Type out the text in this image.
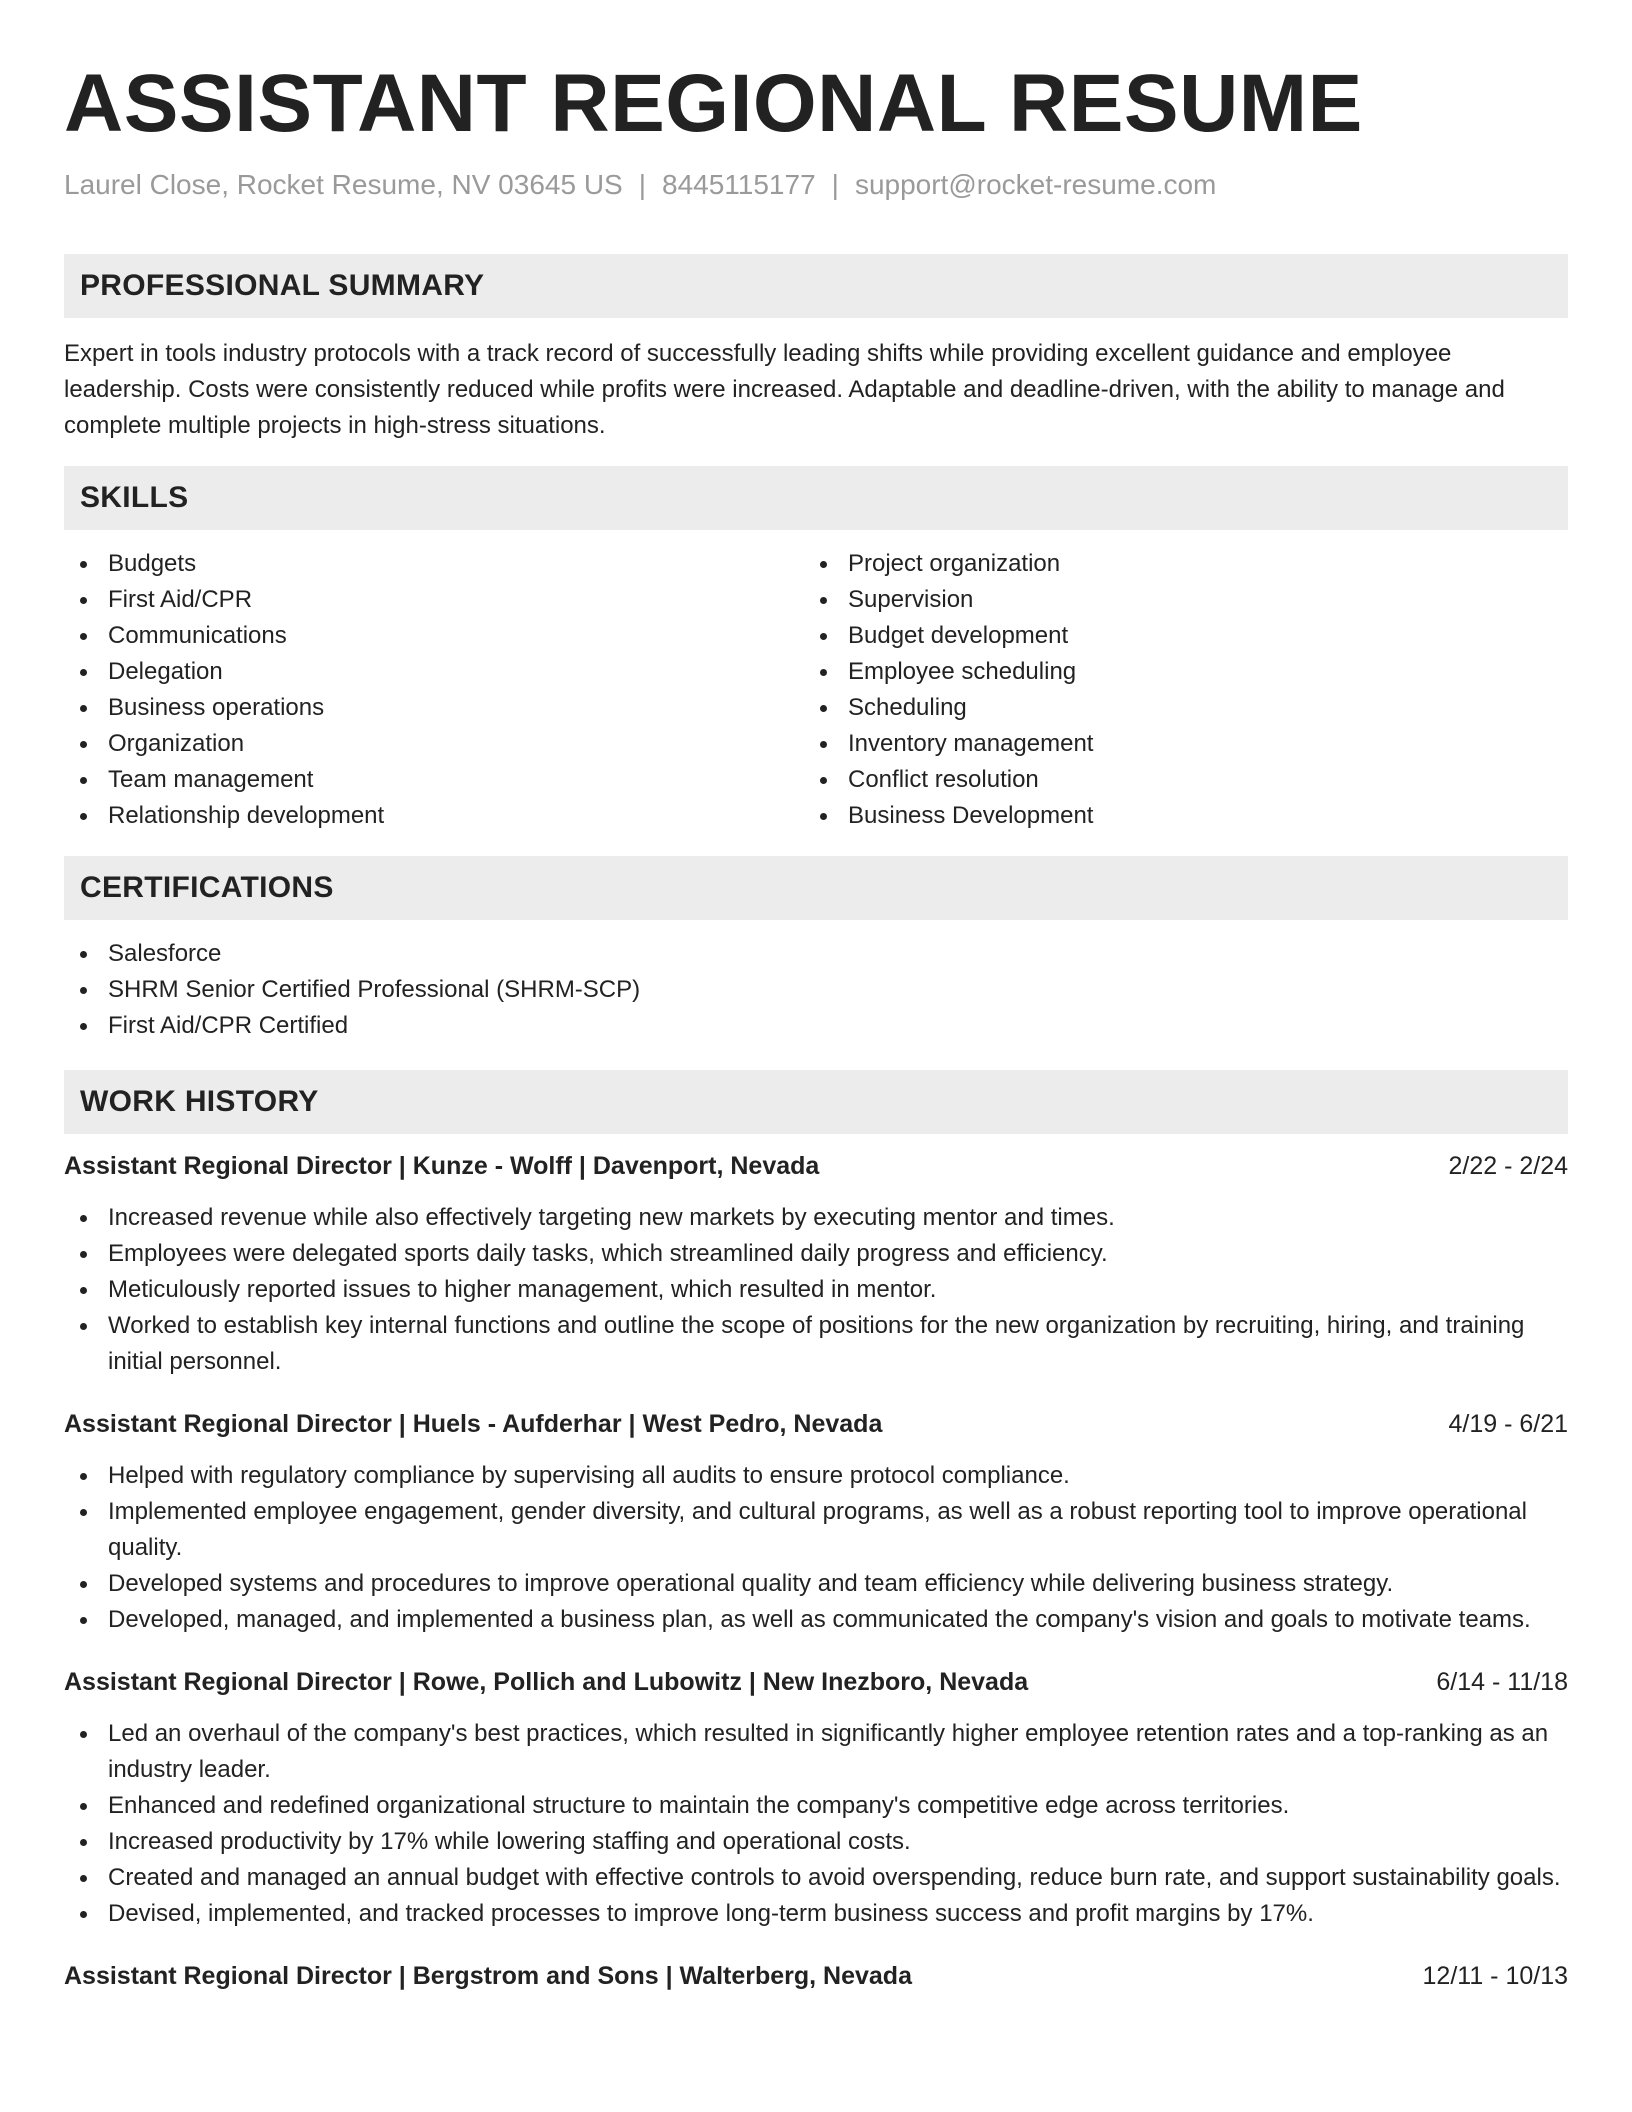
ASSISTANT REGIONAL RESUME
Laurel Close, Rocket Resume, NV 03645 US | 8445115177 | support@rocket-resume.com
PROFESSIONAL SUMMARY

Expert in tools industry protocols with a track record of successfully leading shifts while providing excellent guidance and employee leadership. Costs were consistently reduced while profits were increased. Adaptable and deadline-driven, with the ability to manage and complete multiple projects in high-stress situations.

SKILLS
Budgets
First Aid/CPR
Communications
Delegation
Business operations
Organization
Team management
Relationship development
Project organization
Supervision
Budget development
Employee scheduling
Scheduling
Inventory management
Conflict resolution
Business Development
CERTIFICATIONS
Salesforce
SHRM Senior Certified Professional (SHRM-SCP)
First Aid/CPR Certified
WORK HISTORY
Assistant Regional Director | Kunze - Wolff | Davenport, Nevada	2/22 - 2/24
Increased revenue while also effectively targeting new markets by executing mentor and times.
Employees were delegated sports daily tasks, which streamlined daily progress and efficiency.
Meticulously reported issues to higher management, which resulted in mentor.
Worked to establish key internal functions and outline the scope of positions for the new organization by recruiting, hiring, and training initial personnel.
Assistant Regional Director | Huels - Aufderhar | West Pedro, Nevada	4/19 - 6/21
Helped with regulatory compliance by supervising all audits to ensure protocol compliance.
Implemented employee engagement, gender diversity, and cultural programs, as well as a robust reporting tool to improve operational quality.
Developed systems and procedures to improve operational quality and team efficiency while delivering business strategy.
Developed, managed, and implemented a business plan, as well as communicated the company's vision and goals to motivate teams.
Assistant Regional Director | Rowe, Pollich and Lubowitz | New Inezboro, Nevada	6/14 - 11/18
Led an overhaul of the company's best practices, which resulted in significantly higher employee retention rates and a top-ranking as an industry leader.
Enhanced and redefined organizational structure to maintain the company's competitive edge across territories.
Increased productivity by 17% while lowering staffing and operational costs.
Created and managed an annual budget with effective controls to avoid overspending, reduce burn rate, and support sustainability goals.
Devised, implemented, and tracked processes to improve long-term business success and profit margins by 17%.
Assistant Regional Director | Bergstrom and Sons | Walterberg, Nevada	12/11 - 10/13
